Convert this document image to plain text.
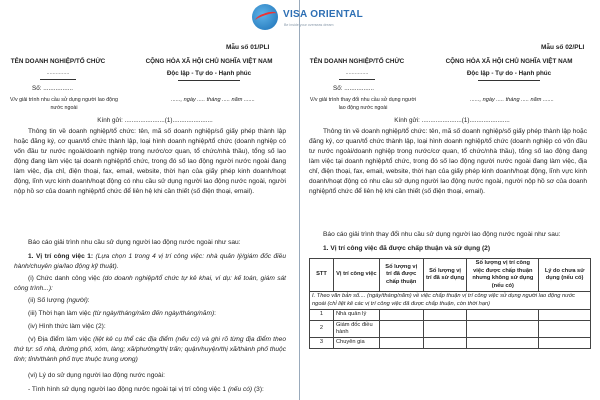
Mẫu số 01/PLI
TÊN DOANH NGHIỆP/TỔ CHỨC
...............
CỘNG HÒA XÃ HỘI CHỦ NGHĨA VIỆT NAM
Độc lập - Tự do - Hạnh phúc
Số: .................
V/v giải trình nhu cầu sử dụng người lao động nước ngoài
......, ngày ..... tháng ..... năm .......
Kính gửi: .......................(1).......................
Thông tin về doanh nghiệp/tổ chức: tên, mã số doanh nghiệp/số giấy phép thành lập hoặc đăng ký, cơ quan/tổ chức thành lập, loại hình doanh nghiệp/tổ chức (doanh nghiệp có vốn đầu tư nước ngoài/doanh nghiệp trong nước/cơ quan, tổ chức/nhà thầu), tổng số lao động đang làm việc tại doanh nghiệp/tổ chức, trong đó số lao động người nước ngoài đang làm việc, địa chỉ, điện thoại, fax, email, website, thời hạn của giấy phép kinh doanh/hoạt động, lĩnh vực kinh doanh/hoạt động có nhu cầu sử dụng người lao động nước ngoài, người nộp hồ sơ của doanh nghiệp/tổ chức để liên hệ khi cần thiết (số điện thoại, email).
Báo cáo giải trình nhu cầu sử dụng người lao động nước ngoài như sau:
1. Vị trí công việc 1: (Lựa chọn 1 trong 4 vị trí công việc: nhà quản lý/giám đốc điều hành/chuyên gia/lao động kỹ thuật).
(i) Chức danh công việc (do doanh nghiệp/tổ chức tự kê khai, ví dụ: kế toán, giám sát công trình...):
(ii) Số lượng (người):
(iii) Thời hạn làm việc (từ ngày/tháng/năm đến ngày/tháng/năm):
(iv) Hình thức làm việc (2):
(v) Địa điểm làm việc (liệt kê cụ thể các địa điểm (nếu có) và ghi rõ từng địa điểm theo thứ tự: số nhà, đường phố, xóm, làng; xã/phường/thị trấn; quận/huyện/thị xã/thành phố thuộc tỉnh; tỉnh/thành phố trực thuộc trung ương)
(vi) Lý do sử dụng người lao động nước ngoài:
- Tình hình sử dụng người lao động nước ngoài tại vị trí công việc 1 (nếu có) (3):
Mẫu số 02/PLI
TÊN DOANH NGHIỆP/TỔ CHỨC
...............
CỘNG HÒA XÃ HỘI CHỦ NGHĨA VIỆT NAM
Độc lập - Tự do - Hạnh phúc
Số: .................
V/v giải trình thay đổi nhu cầu sử dụng người lao động nước ngoài
......, ngày ..... tháng ..... năm .......
Kính gửi: .......................(1).......................
Thông tin về doanh nghiệp/tổ chức: tên, mã số doanh nghiệp/số giấy phép thành lập hoặc đăng ký, cơ quan/tổ chức thành lập, loại hình doanh nghiệp/tổ chức (doanh nghiệp có vốn đầu tư nước ngoài/doanh nghiệp trong nước/cơ quan, tổ chức/nhà thầu), tổng số lao động đang làm việc tại doanh nghiệp/tổ chức, trong đó số lao động người nước ngoài đang làm việc, địa chỉ, điện thoại, fax, email, website, thời hạn của giấy phép kinh doanh/hoạt động, lĩnh vực kinh doanh/hoạt động có nhu cầu sử dụng người lao động nước ngoài, người nộp hồ sơ của doanh nghiệp/tổ chức để liên hệ khi cần thiết (số điện thoại, email).
Báo cáo giải trình thay đổi nhu cầu sử dụng người lao động nước ngoài như sau:
1. Vị trí công việc đã được chấp thuận và sử dụng (2)
STT	Vị trí công việc	Số lượng vị trí đã được chấp thuận	Số lượng vị trí đã sử dụng	Số lượng vị trí công việc được chấp thuận nhưng không sử dụng (nếu có)	Lý do chưa sử dụng (nếu có)
I. Theo văn bản số.... (ngày/tháng/năm) về việc chấp thuận vị trí công việc sử dụng người lao động nước ngoài (chỉ liệt kê các vị trí công việc đã được chấp thuận, còn thời hạn)					
1	Nhà quản lý				
2	Giám đốc điều hành				
3	Chuyên gia				
VISA ORIENTAL
Be inside your overseas dream
